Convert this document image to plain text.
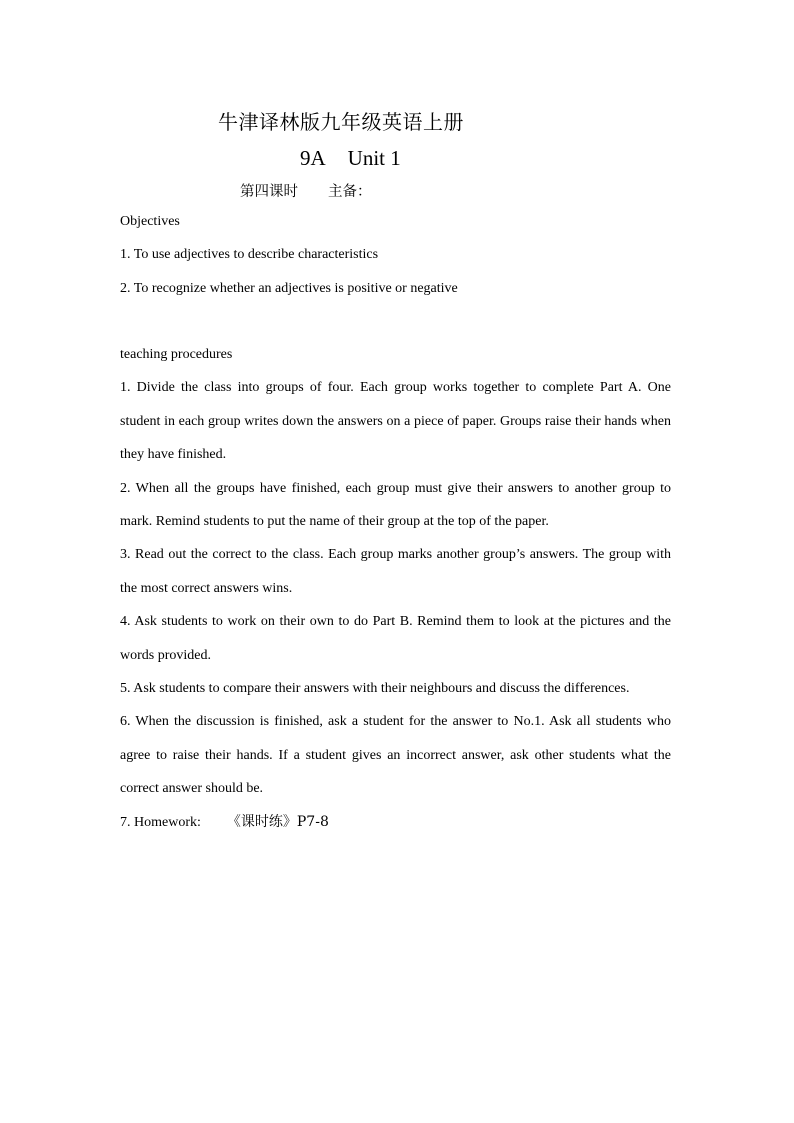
牛津译林版九年级英语上册
9A Unit 1
第四课时 主备：
Objectives
1. To use adjectives to describe characteristics
2. To recognize whether an adjectives is positive or negative
teaching procedures
1. Divide the class into groups of four. Each group works together to complete Part A. One student in each group writes down the answers on a piece of paper. Groups raise their hands when they have finished.
2. When all the groups have finished, each group must give their answers to another group to mark. Remind students to put the name of their group at the top of the paper.
3. Read out the correct to the class. Each group marks another group’s answers. The group with the most correct answers wins.
4. Ask students to work on their own to do Part B. Remind them to look at the pictures and the words provided.
5. Ask students to compare their answers with their neighbours and discuss the differences.
6. When the discussion is finished, ask a student for the answer to No.1. Ask all students who agree to raise their hands. If a student gives an incorrect answer, ask other students what the correct answer should be.
7. Homework: 《课时练》P7-8
